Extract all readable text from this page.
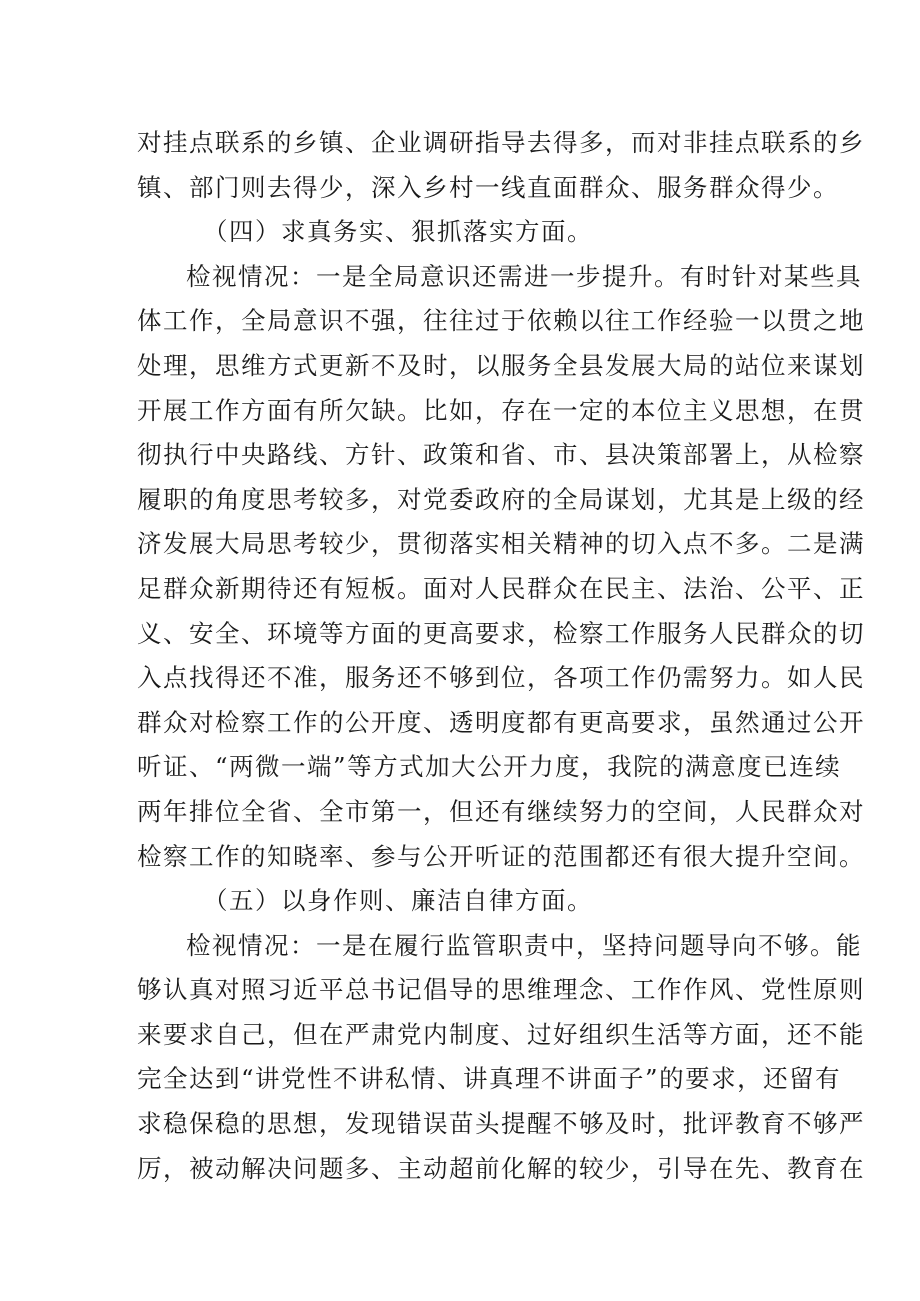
对 挂 点 联 系 的 乡 镇 、 企 业 调 研 指 导 去 得 多 ， 而 对 非 挂 点 联 系 的 乡
镇、部门则去得少，深入乡村一线直面群众、服务群众得少。
（四）求真务实、狠抓落实方面。
检 视 情 况 ： 一 是 全 局 意 识 还 需 进 一 步 提 升 。 有 时 针 对 某 些 具
体 工 作 ， 全 局 意 识 不 强 ， 往 往 过 于 依 赖 以 往 工 作 经 验 一 以 贯 之 地
处 理 ， 思 维 方 式 更 新 不 及 时 ， 以 服 务 全 县 发 展 大 局 的 站 位 来 谋 划
开 展 工 作 方 面 有 所 欠 缺 。 比 如 ， 存 在 一 定 的 本 位 主 义 思 想 ， 在 贯
彻 执 行 中 央 路 线 、 方 针 、 政 策 和 省 、 市 、 县 决 策 部 署 上 ， 从 检 察
履 职 的 角 度 思 考 较 多 ， 对 党 委 政 府 的 全 局 谋 划 ， 尤 其 是 上 级 的 经
济 发 展 大 局 思 考 较 少 ， 贯 彻 落 实 相 关 精 神 的 切 入 点 不 多 。 二 是 满
足 群 众 新 期 待 还 有 短 板 。 面 对 人 民 群 众 在 民 主 、 法 治 、 公 平 、 正
义 、 安 全 、 环 境 等 方 面 的 更 高 要 求 ， 检 察 工 作 服 务 人 民 群 众 的 切
入 点 找 得 还 不 准 ， 服 务 还 不 够 到 位 ， 各 项 工 作 仍 需 努 力 。 如 人 民
群 众 对 检 察 工 作 的 公 开 度 、 透 明 度 都 有 更 高 要 求 ， 虽 然 通 过 公 开
听 证 、 “ 两 微 一 端 ” 等 方 式 加 大 公 开 力 度 ， 我 院 的 满 意 度 已 连 续
两 年 排 位 全 省 、 全 市 第 一 ， 但 还 有 继 续 努 力 的 空 间 ， 人 民 群 众 对
检察工作的知晓率、参与公开听证的范围都还有很大提升空间。
（五）以身作则、廉洁自律方面。
检 视 情 况 ： 一 是 在 履 行 监 管 职 责 中 ， 坚 持 问 题 导 向 不 够 。 能
够 认 真 对 照 习 近 平 总 书 记 倡 导 的 思 维 理 念 、 工 作 作 风 、 党 性 原 则
来 要 求 自 己 ， 但 在 严 肃 党 内 制 度 、 过 好 组 织 生 活 等 方 面 ， 还 不 能
完 全 达 到 “ 讲 党 性 不 讲 私 情 、 讲 真 理 不 讲 面 子 ” 的 要 求 ， 还 留 有
求 稳 保 稳 的 思 想 ， 发 现 错 误 苗 头 提 醒 不 够 及 时 ， 批 评 教 育 不 够 严
厉 ， 被 动 解 决 问 题 多 、 主 动 超 前 化 解 的 较 少 ， 引 导 在 先 、 教 育 在
